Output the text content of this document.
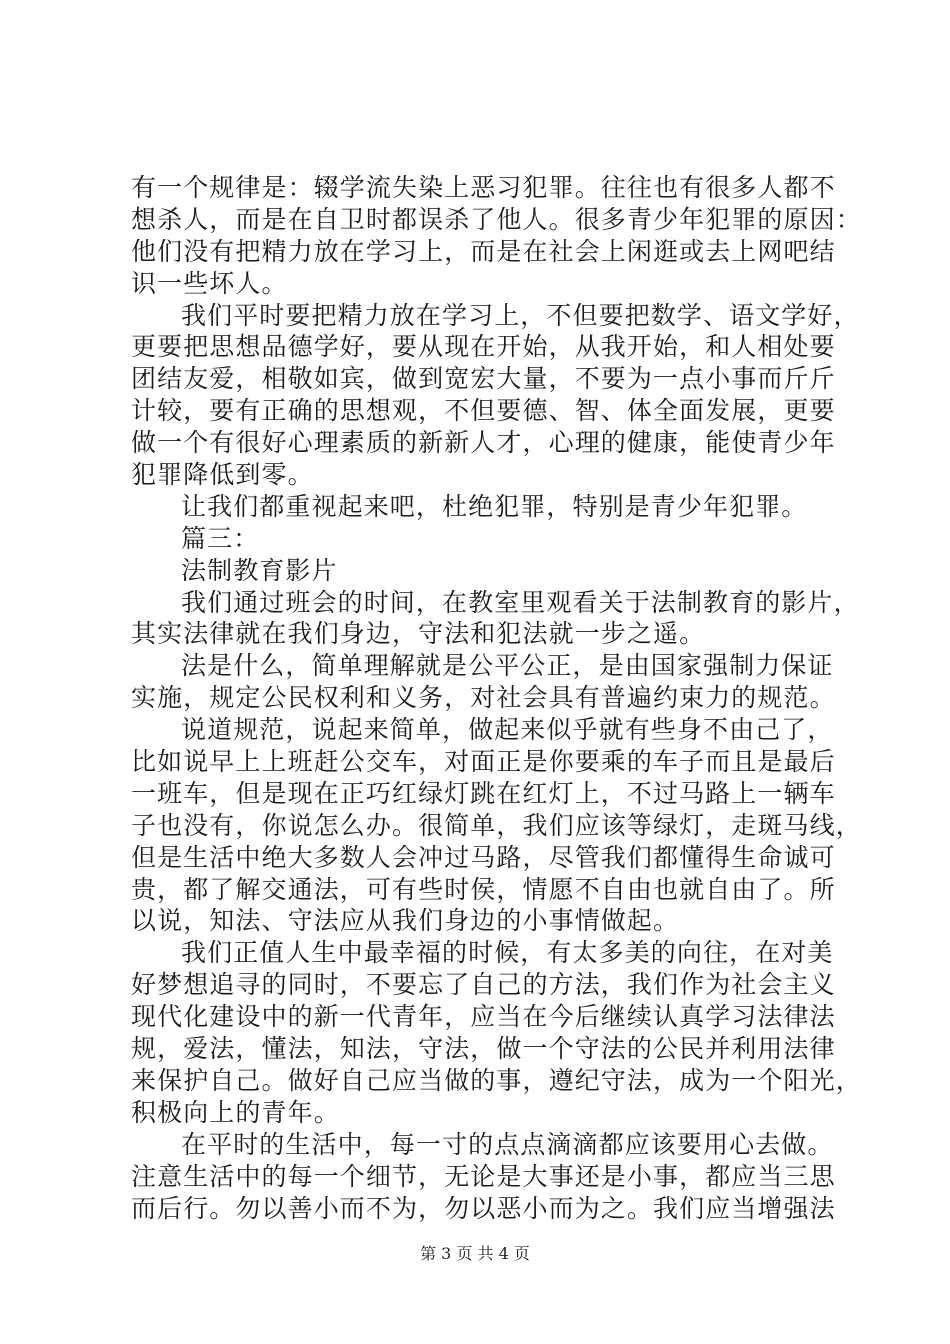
有一个规律是：辍学流失染上恶习犯罪。往往也有很多人都不
想杀人，而是在自卫时都误杀了他人。很多青少年犯罪的原因：
他们没有把精力放在学习上，而是在社会上闲逛或去上网吧结
识一些坏人。
我们平时要把精力放在学习上，不但要把数学、语文学好，
更要把思想品德学好，要从现在开始，从我开始，和人相处要
团结友爱，相敬如宾，做到宽宏大量，不要为一点小事而斤斤
计较，要有正确的思想观，不但要德、智、体全面发展，更要
做一个有很好心理素质的新新人才，心理的健康，能使青少年
犯罪降低到零。
让我们都重视起来吧，杜绝犯罪，特别是青少年犯罪。
篇三：
法制教育影片
我们通过班会的时间，在教室里观看关于法制教育的影片，
其实法律就在我们身边，守法和犯法就一步之遥。
法是什么，简单理解就是公平公正，是由国家强制力保证
实施，规定公民权利和义务，对社会具有普遍约束力的规范。
说道规范，说起来简单，做起来似乎就有些身不由己了，
比如说早上上班赶公交车，对面正是你要乘的车子而且是最后
一班车，但是现在正巧红绿灯跳在红灯上，不过马路上一辆车
子也没有，你说怎么办。很简单，我们应该等绿灯，走斑马线，
但是生活中绝大多数人会冲过马路，尽管我们都懂得生命诚可
贵，都了解交通法，可有些时侯，情愿不自由也就自由了。所
以说，知法、守法应从我们身边的小事情做起。
我们正值人生中最幸福的时候，有太多美的向往，在对美
好梦想追寻的同时，不要忘了自己的方法，我们作为社会主义
现代化建设中的新一代青年，应当在今后继续认真学习法律法
规，爱法，懂法，知法，守法，做一个守法的公民并利用法律
来保护自己。做好自己应当做的事，遵纪守法，成为一个阳光，
积极向上的青年。
在平时的生活中，每一寸的点点滴滴都应该要用心去做。
注意生活中的每一个细节，无论是大事还是小事，都应当三思
而后行。勿以善小而不为，勿以恶小而为之。我们应当增强法
第 3 页 共 4 页
